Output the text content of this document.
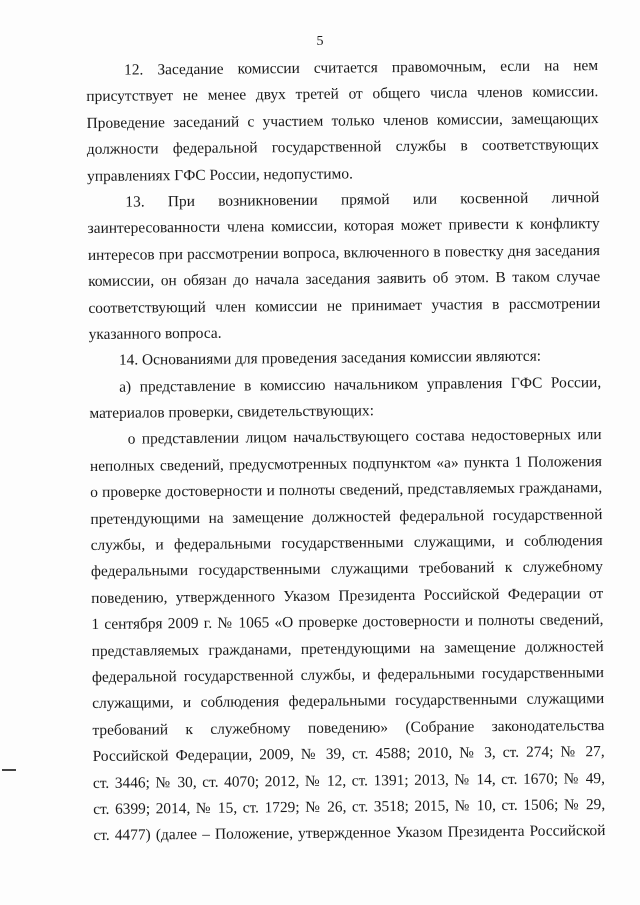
5
12. Заседание комиссии считается правомочным, если на нем
присутствует не менее двух третей от общего числа членов комиссии.
Проведение заседаний с участием только членов комиссии, замещающих
должности федеральной государственной службы в соответствующих
управлениях ГФС России, недопустимо.
13. При возникновении прямой или косвенной личной
заинтересованности члена комиссии, которая может привести к конфликту
интересов при рассмотрении вопроса, включенного в повестку дня заседания
комиссии, он обязан до начала заседания заявить об этом. В таком случае
соответствующий член комиссии не принимает участия в рассмотрении
указанного вопроса.
14. Основаниями для проведения заседания комиссии являются:
а) представление в комиссию начальником управления ГФС России,
материалов проверки, свидетельствующих:
о представлении лицом начальствующего состава недостоверных или
неполных сведений, предусмотренных подпунктом «а» пункта 1 Положения
о проверке достоверности и полноты сведений, представляемых гражданами,
претендующими на замещение должностей федеральной государственной
службы, и федеральными государственными служащими, и соблюдения
федеральными государственными служащими требований к служебному
поведению, утвержденного Указом Президента Российской Федерации от
1 сентября 2009 г. № 1065 «О проверке достоверности и полноты сведений,
представляемых гражданами, претендующими на замещение должностей
федеральной государственной службы, и федеральными государственными
служащими, и соблюдения федеральными государственными служащими
требований к служебному поведению» (Собрание законодательства
Российской Федерации, 2009, № 39, ст. 4588; 2010, № 3, ст. 274; № 27,
ст. 3446; № 30, ст. 4070; 2012, № 12, ст. 1391; 2013, № 14, ст. 1670; № 49,
ст. 6399; 2014, № 15, ст. 1729; № 26, ст. 3518; 2015, № 10, ст. 1506; № 29,
ст. 4477) (далее – Положение, утвержденное Указом Президента Российской
